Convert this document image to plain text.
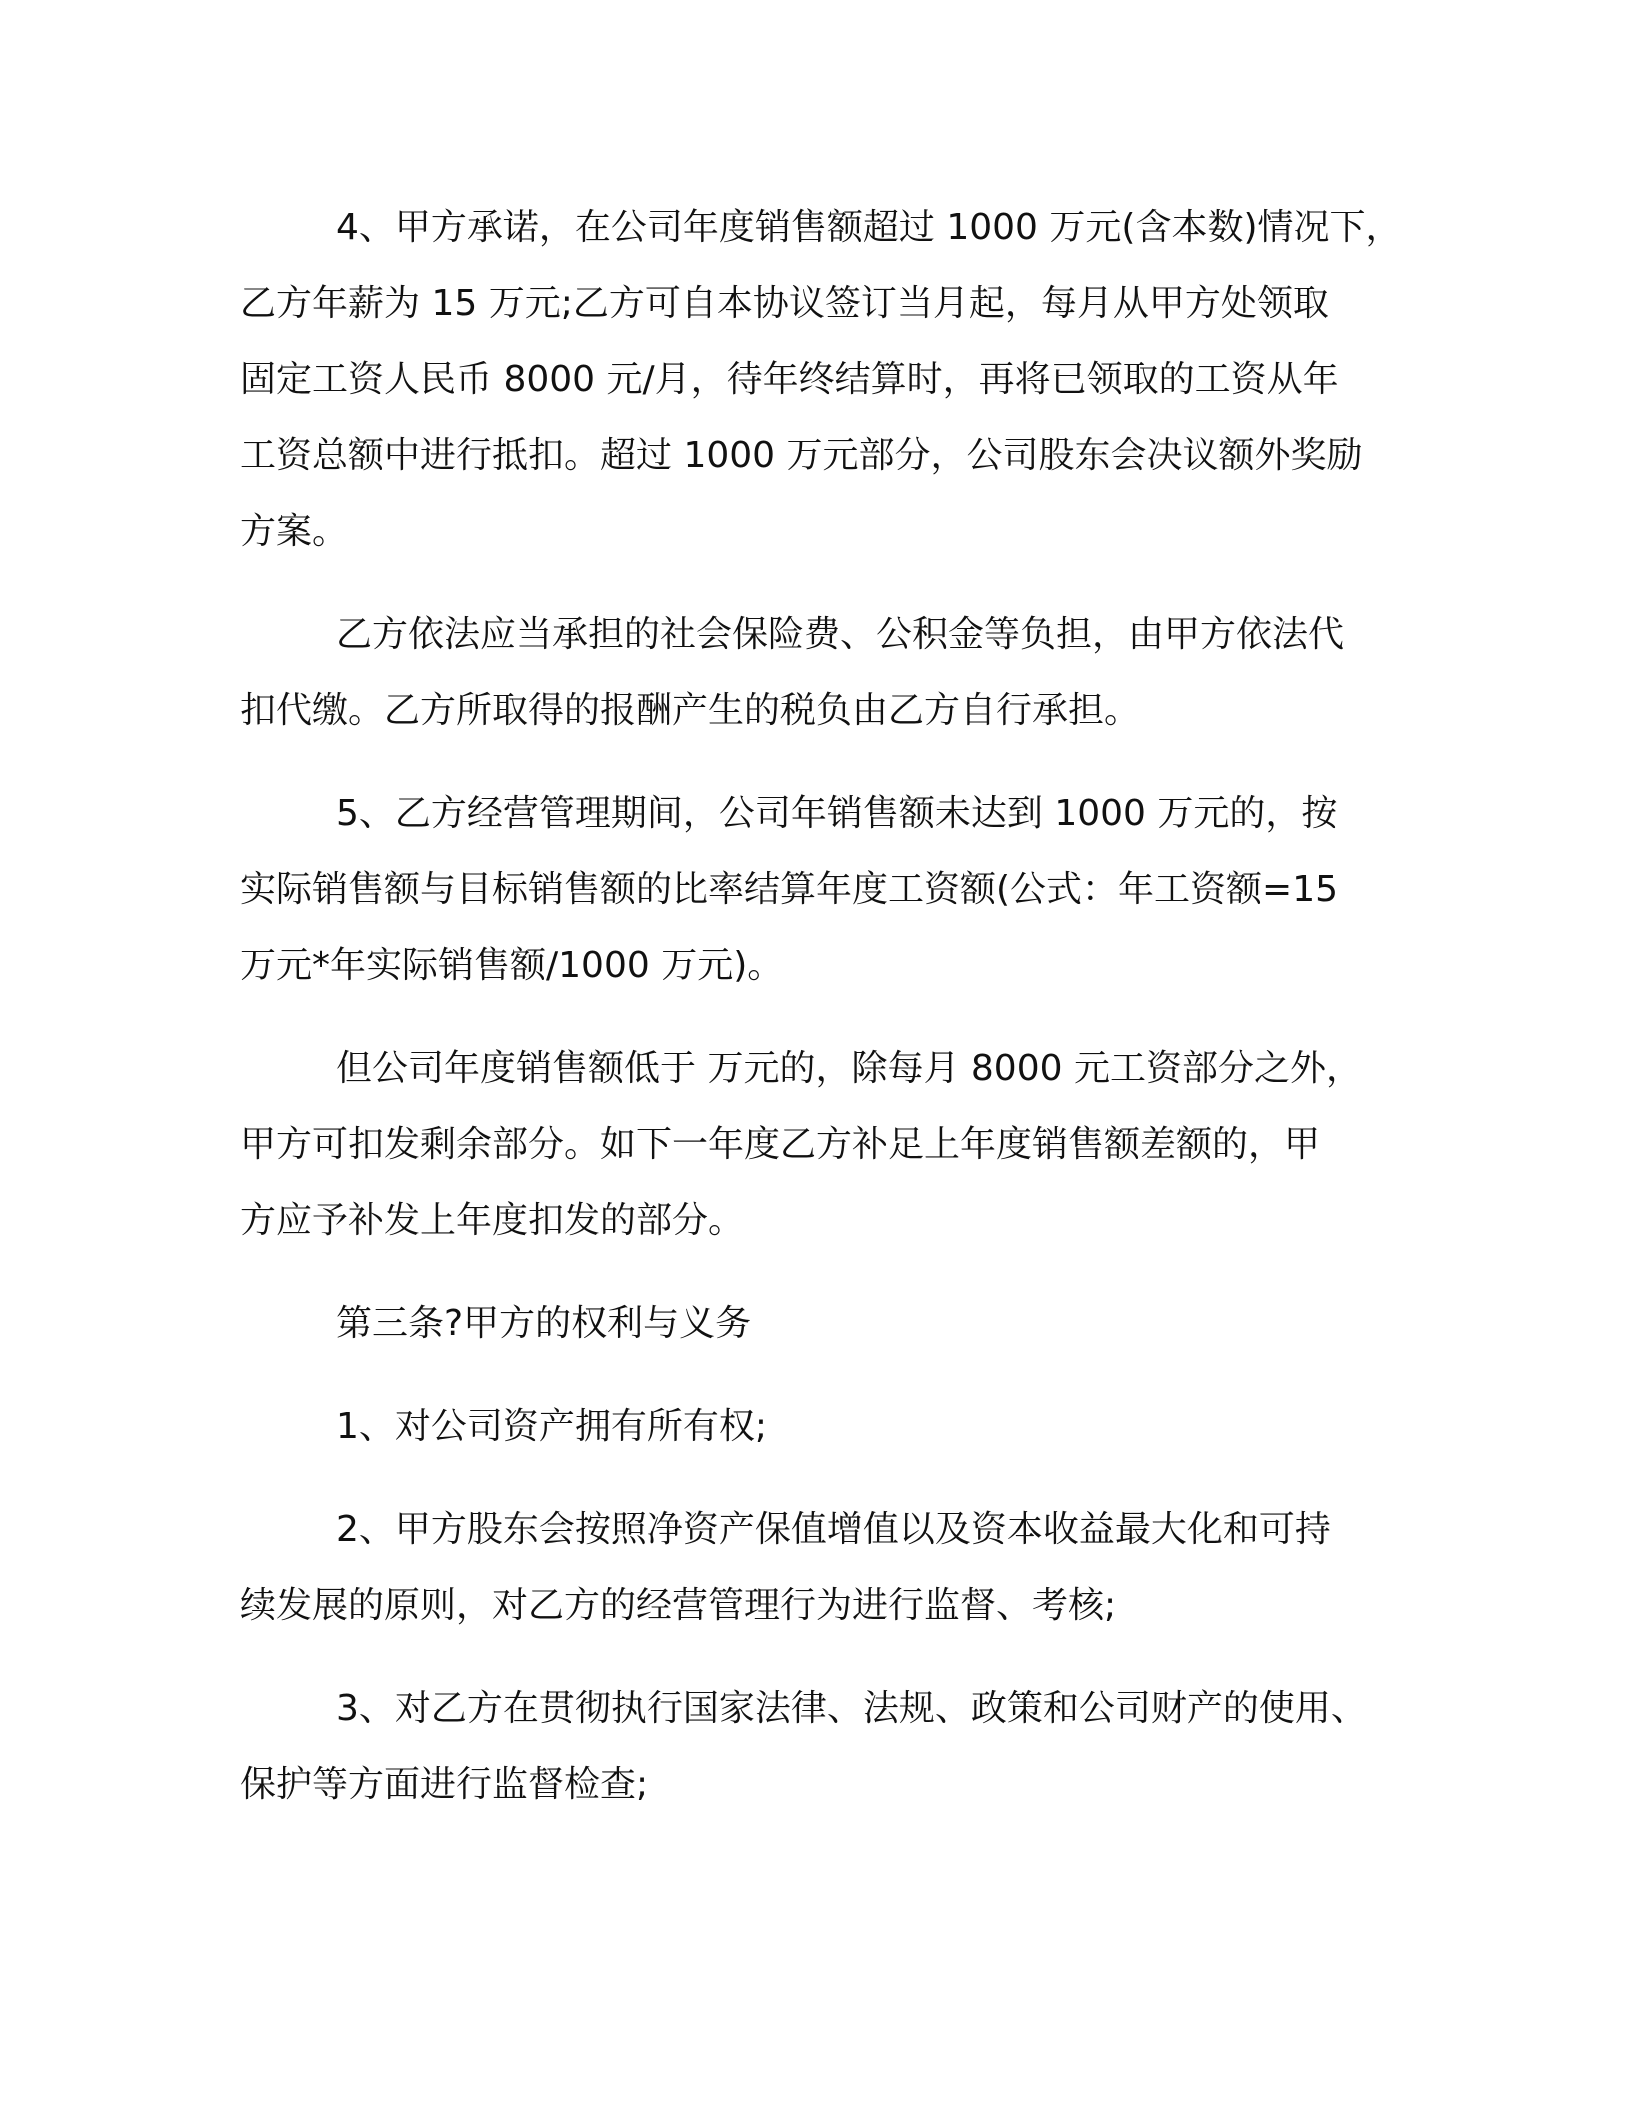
4、甲方承诺，在公司年度销售额超过 1000 万元(含本数)情况下，
乙方年薪为 15 万元;乙方可自本协议签订当月起，每月从甲方处领取
固定工资人民币 8000 元/月，待年终结算时，再将已领取的工资从年
工资总额中进行抵扣。超过 1000 万元部分，公司股东会决议额外奖励
方案。

乙方依法应当承担的社会保险费、公积金等负担，由甲方依法代
扣代缴。乙方所取得的报酬产生的税负由乙方自行承担。

5、乙方经营管理期间，公司年销售额未达到 1000 万元的，按
实际销售额与目标销售额的比率结算年度工资额(公式：年工资额=15
万元*年实际销售额/1000 万元)。

但公司年度销售额低于 万元的，除每月 8000 元工资部分之外，
甲方可扣发剩余部分。如下一年度乙方补足上年度销售额差额的，甲
方应予补发上年度扣发的部分。

第三条?甲方的权利与义务

1、对公司资产拥有所有权;

2、甲方股东会按照净资产保值增值以及资本收益最大化和可持
续发展的原则，对乙方的经营管理行为进行监督、考核;

3、对乙方在贯彻执行国家法律、法规、政策和公司财产的使用、
保护等方面进行监督检查;
